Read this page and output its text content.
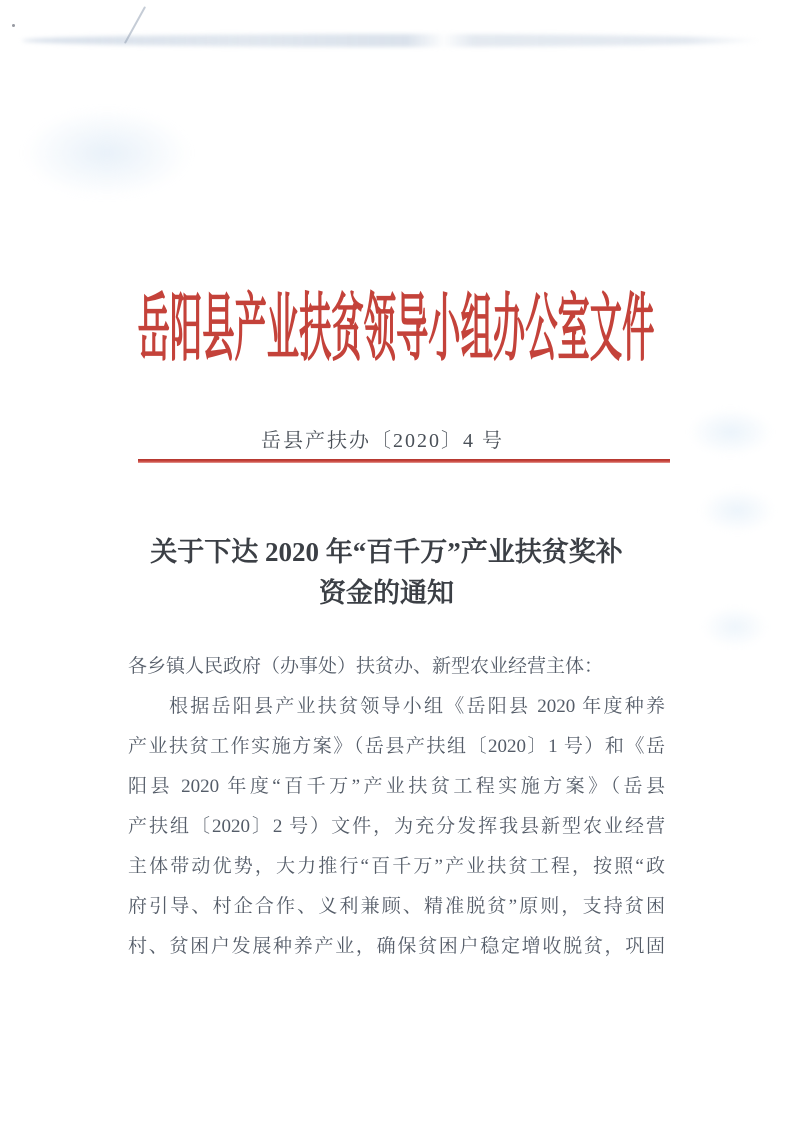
岳阳县产业扶贫领导小组办公室文件
岳县产扶办〔2020〕4 号
关于下达 2020 年“百千万”产业扶贫奖补
资金的通知
各乡镇人民政府（办事处）扶贫办、新型农业经营主体：
根据岳阳县产业扶贫领导小组《岳阳县 2020 年度种养
产业扶贫工作实施方案》（岳县产扶组〔2020〕1 号）和《岳
阳县 2020 年度“百千万”产业扶贫工程实施方案》（岳县
产扶组〔2020〕2 号）文件，为充分发挥我县新型农业经营
主体带动优势，大力推行“百千万”产业扶贫工程，按照“政
府引导、村企合作、义利兼顾、精准脱贫”原则，支持贫困
村、贫困户发展种养产业，确保贫困户稳定增收脱贫，巩固
